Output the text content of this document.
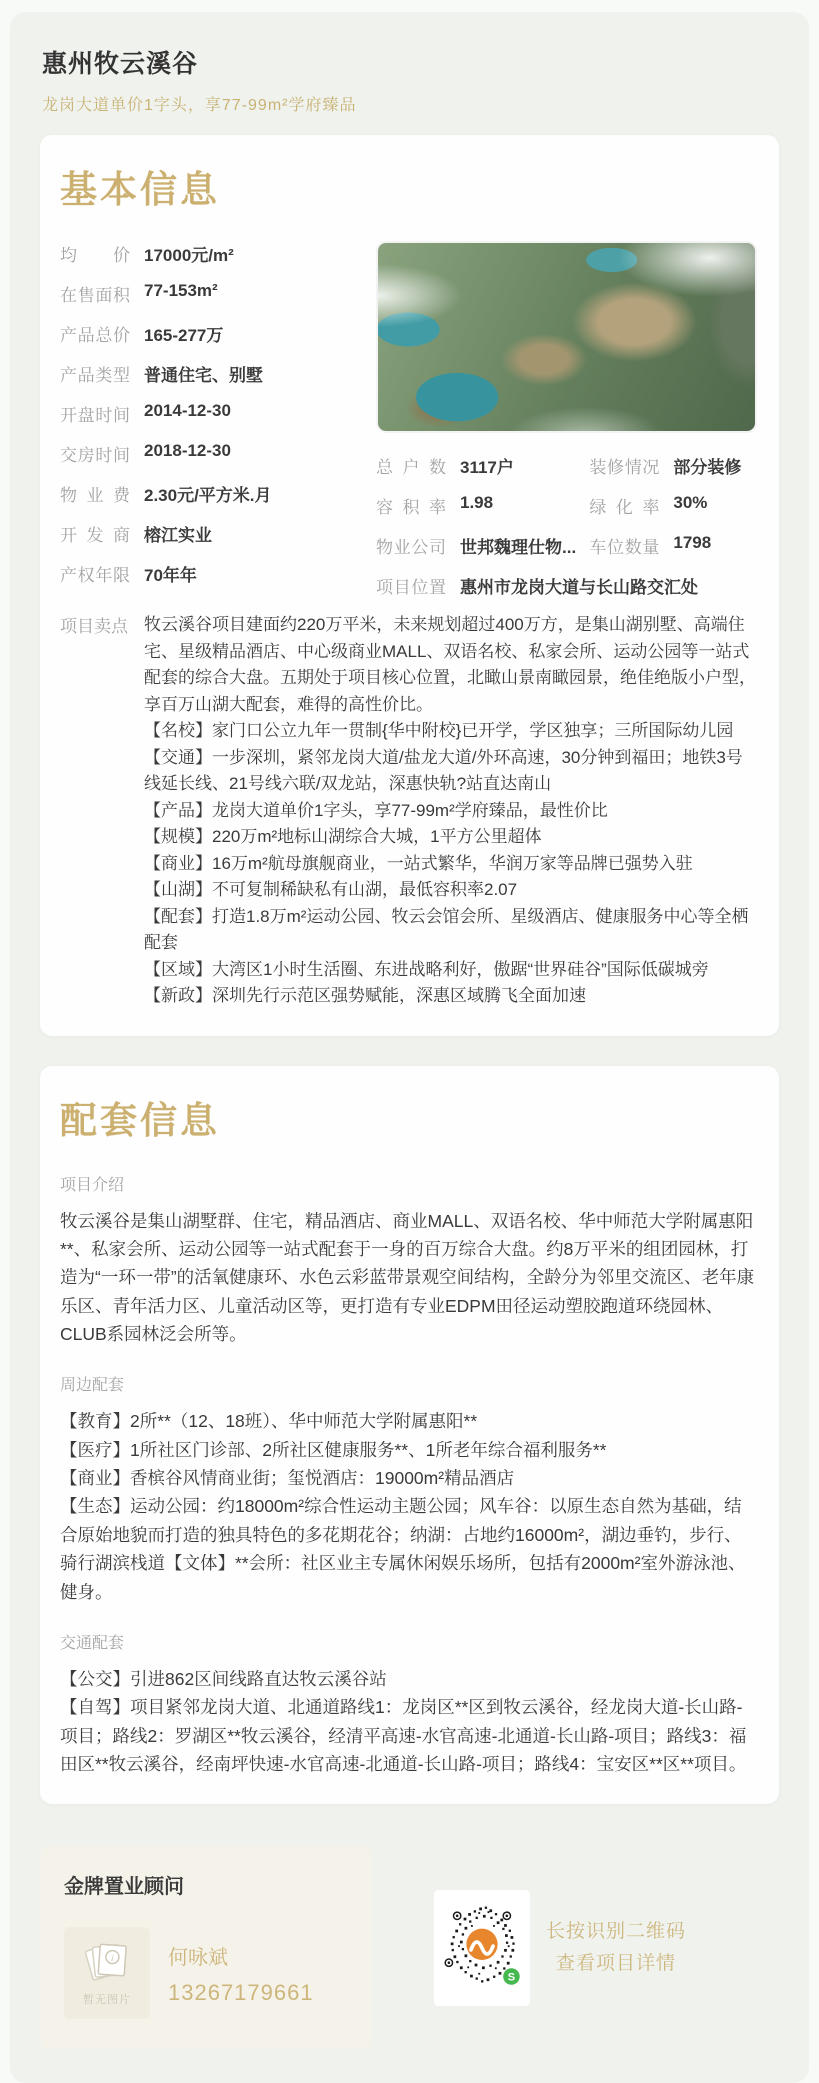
惠州牧云溪谷
龙岗大道单价1字头，享77-99m²学府臻品
基本信息
均价 17000元/m²
在售面积 77-153m²
产品总价 165-277万
产品类型 普通住宅、别墅
开盘时间 2014-12-30
交房时间 2018-12-30
物业费 2.30元/平方米.月
开发商 榕江实业
产权年限 70年年
总户数 3117户	装修情况 部分装修
容积率 1.98	绿化率 30%
物业公司 世邦魏理仕物... 车位数量 1798
项目位置 惠州市龙岗大道与长山路交汇处
项目卖点 牧云溪谷项目建面约220万平米，未来规划超过400万方，是集山湖别墅、高端住宅、星级精品酒店、中心级商业MALL、双语名校、私家会所、运动公园等一站式配套的综合大盘。五期处于项目核心位置，北瞰山景南瞰园景，绝佳绝版小户型，享百万山湖大配套，难得的高性价比。

【名校】家门口公立九年一贯制{华中附校}已开学，学区独享；三所国际幼儿园

【交通】一步深圳，紧邻龙岗大道/盐龙大道/外环高速，30分钟到福田；地铁3号线延长线、21号线六联/双龙站，深惠快轨?站直达南山

【产品】龙岗大道单价1字头，享77-99m²学府臻品，最性价比

【规模】220万m²地标山湖综合大城，1平方公里超体

【商业】16万m²航母旗舰商业，一站式繁华，华润万家等品牌已强势入驻

【山湖】不可复制稀缺私有山湖，最低容积率2.07

【配套】打造1.8万m²运动公园、牧云会馆会所、星级酒店、健康服务中心等全栖配套

【区域】大湾区1小时生活圈、东进战略利好，傲踞“世界硅谷”国际低碳城旁

【新政】深圳先行示范区强势赋能，深惠区域腾飞全面加速

配套信息
项目介绍

牧云溪谷是集山湖墅群、住宅，精品酒店、商业MALL、双语名校、华中师范大学附属惠阳**、私家会所、运动公园等一站式配套于一身的百万综合大盘。约8万平米的组团园林，打造为“一环一带”的活氧健康环、水色云彩蓝带景观空间结构，全龄分为邻里交流区、老年康乐区、青年活力区、儿童活动区等，更打造有专业EDPM田径运动塑胶跑道环绕园林、CLUB系园林泛会所等。

周边配套

【教育】2所**（12、18班）、华中师范大学附属惠阳**

【医疗】1所社区门诊部、2所社区健康服务**、1所老年综合福利服务**

【商业】香槟谷风情商业街；玺悦酒店：19000m²精品酒店

【生态】运动公园：约18000m²综合性运动主题公园；风车谷：以原生态自然为基础，结合原始地貌而打造的独具特色的多花期花谷；纳湖：占地约16000m²，湖边垂钓，步行、骑行湖滨栈道【文体】**会所：社区业主专属休闲娱乐场所，包括有2000m²室外游泳池、健身。

交通配套

【公交】引进862区间线路直达牧云溪谷站

【自驾】项目紧邻龙岗大道、北通道路线1：龙岗区**区到牧云溪谷，经龙岗大道-长山路-项目；路线2：罗湖区**牧云溪谷，经清平高速-水官高速-北通道-长山路-项目；路线3：福田区**牧云溪谷，经南坪快速-水官高速-北通道-长山路-项目；路线4：宝安区**区**项目。

金牌置业顾问
i
暂无图片
何咏斌
13267179661
S
长按识别二维码
查看项目详情
